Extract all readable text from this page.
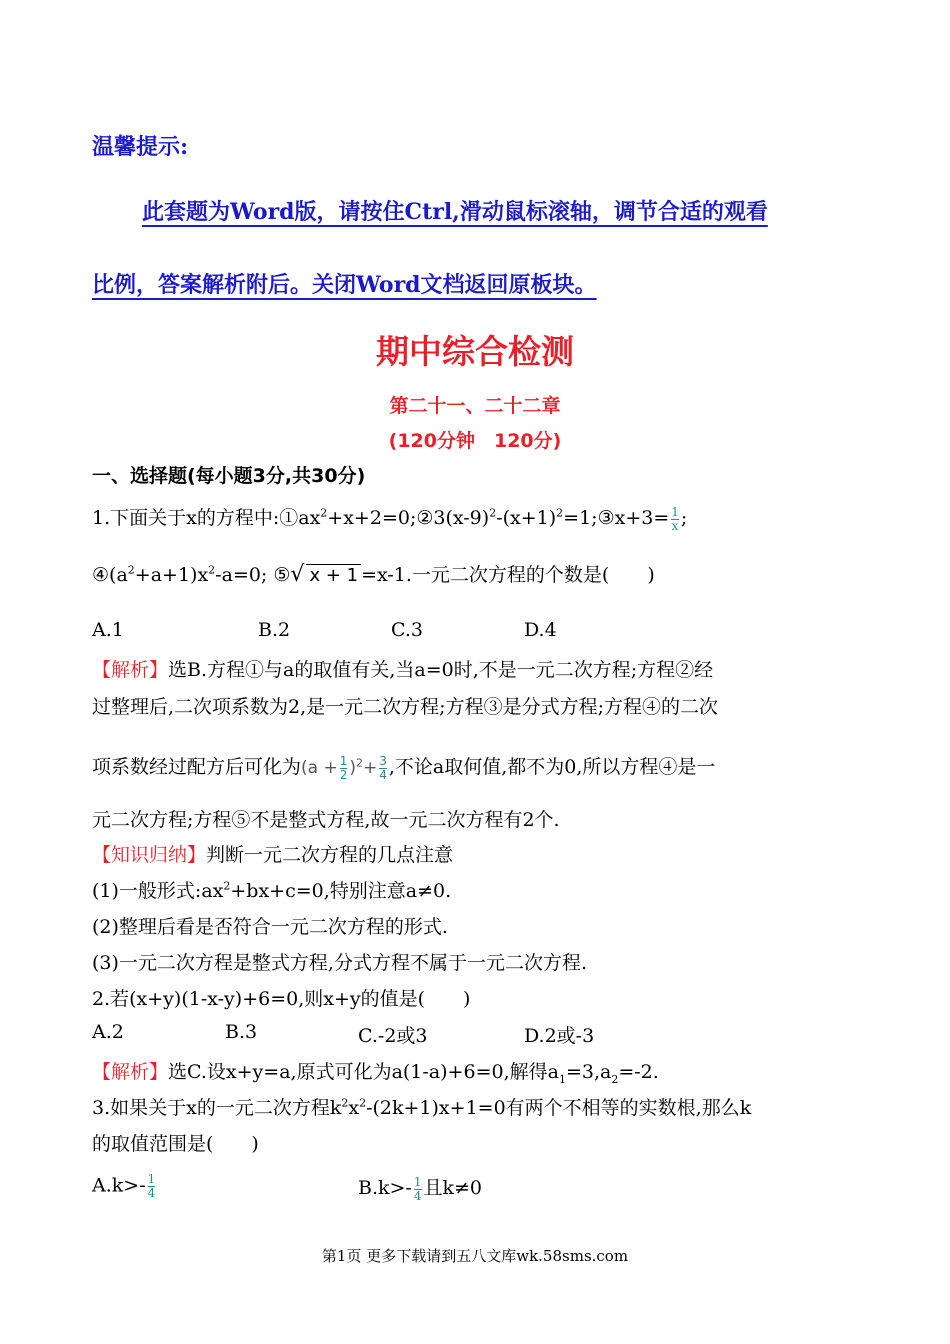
温馨提示:
此套题为Word版，请按住Ctrl,滑动鼠标滚轴，调节合适的观看
比例，答案解析附后。关闭Word文档返回原板块。
期中综合检测
第二十一、二十二章
(120分钟　120分)
一、选择题(每小题3分,共30分)
1.下面关于x的方程中$:①ax^2+x+2=0;②3(x-9)^2-(x+1)^2=1;③x+3= \frac{1}{x}$ ;
$④(a^2+a+1)x^2-a=0$; ⑤√ x + 1 =x-1.一元二次方程的个数是(　　)
A.1	B.2	C.3	D.4
【解析】选B.方程①与a的取值有关,当a=0时,不是一元二次方程;方程②经
过整理后,二次项系数为2,是一元二次方程;方程③是分式方程;方程④的二次
项系数经过配方后可化为$(a + \frac{1}{2} )^2+ \frac{3}{4}$ ,不论a取何值,都不为0,所以方程④是一
元二次方程;方程⑤不是整式方程,故一元二次方程有2个.
【知识归纳】判断一元二次方程的几点注意
(1)一般形式$:ax^2+bx+c=0$,特别注意a≠0.
(2)整理后看是否符合一元二次方程的形式.
(3)一元二次方程是整式方程,分式方程不属于一元二次方程.
2.若(x+y)(1-x-y)+6=0,则x+y的值是(　　)
A.2	B.3	C.-2或3	D.2或-3
【解析】选C.设x+y=a,原式可化为a(1-a)+6=0,解得$a_1=3,a_2=-2$.
3.如果关于x的一元二次方程$k^2x^2-(2k+1)x+1=0$有两个不相等的实数根,那么k
的取值范围是(　　)
$A.k>- \frac{1}{4}$	$B.k>- \frac{1}{4}$ 且k≠0
第1页 更多下载请到五八文库wk.58sms.com
